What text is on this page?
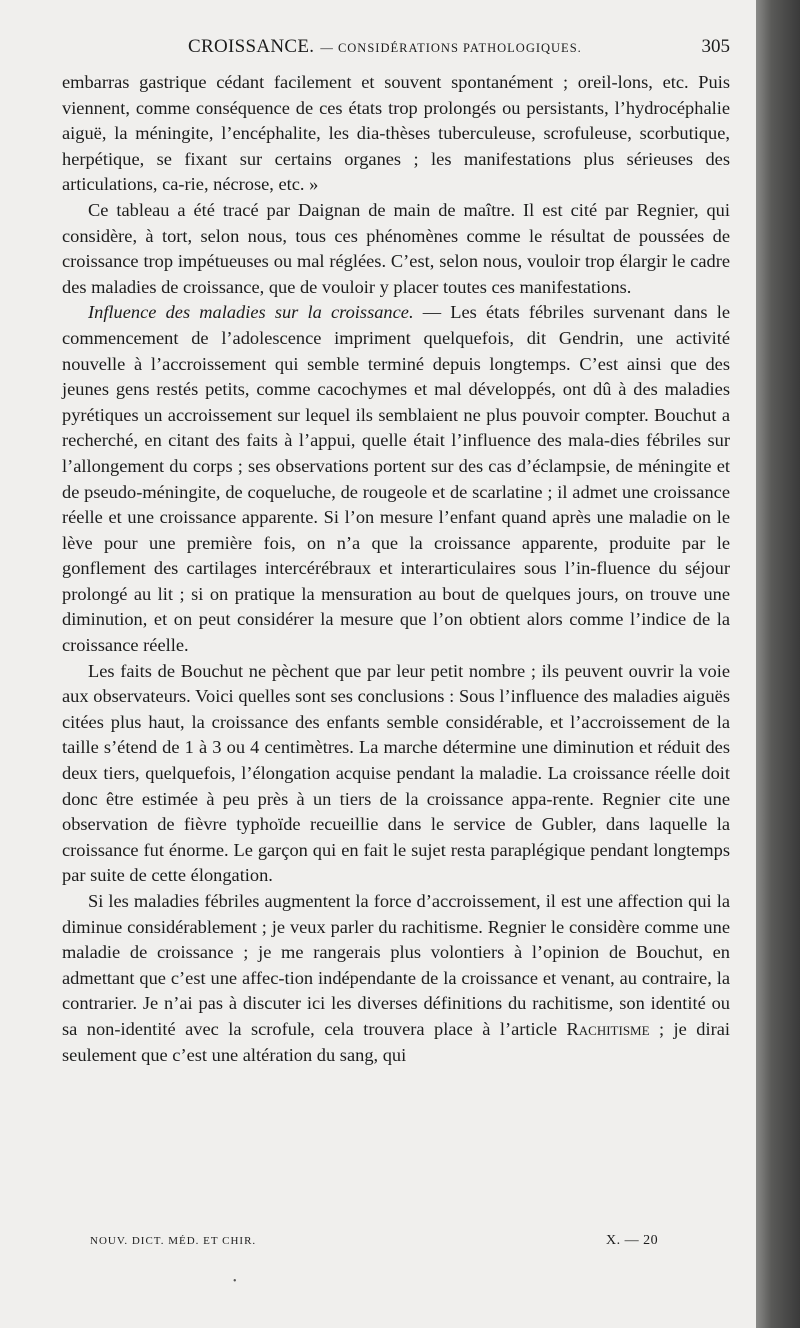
CROISSANCE. — CONSIDÉRATIONS PATHOLOGIQUES.	305

embarras gastrique cédant facilement et souvent spontanément ; oreil-lons, etc. Puis viennent, comme conséquence de ces états trop prolongés ou persistants, l’hydrocéphalie aiguë, la méningite, l’encéphalite, les dia-thèses tuberculeuse, scrofuleuse, scorbutique, herpétique, se fixant sur certains organes ; les manifestations plus sérieuses des articulations, ca-rie, nécrose, etc. »

Ce tableau a été tracé par Daignan de main de maître. Il est cité par Regnier, qui considère, à tort, selon nous, tous ces phénomènes comme le résultat de poussées de croissance trop impétueuses ou mal réglées. C’est, selon nous, vouloir trop élargir le cadre des maladies de croissance, que de vouloir y placer toutes ces manifestations.

Influence des maladies sur la croissance. — Les états fébriles survenant dans le commencement de l’adolescence impriment quelquefois, dit Gendrin, une activité nouvelle à l’accroissement qui semble terminé depuis longtemps. C’est ainsi que des jeunes gens restés petits, comme cacochymes et mal développés, ont dû à des maladies pyrétiques un accroissement sur lequel ils semblaient ne plus pouvoir compter. Bouchut a recherché, en citant des faits à l’appui, quelle était l’influence des mala-dies fébriles sur l’allongement du corps ; ses observations portent sur des cas d’éclampsie, de méningite et de pseudo-méningite, de coqueluche, de rougeole et de scarlatine ; il admet une croissance réelle et une croissance apparente. Si l’on mesure l’enfant quand après une maladie on le lève pour une première fois, on n’a que la croissance apparente, produite par le gonflement des cartilages intercérébraux et interarticulaires sous l’in-fluence du séjour prolongé au lit ; si on pratique la mensuration au bout de quelques jours, on trouve une diminution, et on peut considérer la mesure que l’on obtient alors comme l’indice de la croissance réelle.

Les faits de Bouchut ne pèchent que par leur petit nombre ; ils peuvent ouvrir la voie aux observateurs. Voici quelles sont ses conclusions : Sous l’influence des maladies aiguës citées plus haut, la croissance des enfants semble considérable, et l’accroissement de la taille s’étend de 1 à 3 ou 4 centimètres. La marche détermine une diminution et réduit des deux tiers, quelquefois, l’élongation acquise pendant la maladie. La croissance réelle doit donc être estimée à peu près à un tiers de la croissance appa-rente. Regnier cite une observation de fièvre typhoïde recueillie dans le service de Gubler, dans laquelle la croissance fut énorme. Le garçon qui en fait le sujet resta paraplégique pendant longtemps par suite de cette élongation.

Si les maladies fébriles augmentent la force d’accroissement, il est une affection qui la diminue considérablement ; je veux parler du rachitisme. Regnier le considère comme une maladie de croissance ; je me rangerais plus volontiers à l’opinion de Bouchut, en admettant que c’est une affec-tion indépendante de la croissance et venant, au contraire, la contrarier. Je n’ai pas à discuter ici les diverses définitions du rachitisme, son identité ou sa non-identité avec la scrofule, cela trouvera place à l’article Rachitisme ; je dirai seulement que c’est une altération du sang, qui

NOUV. DICT. MÉD. ET CHIR.	X. — 20
•
